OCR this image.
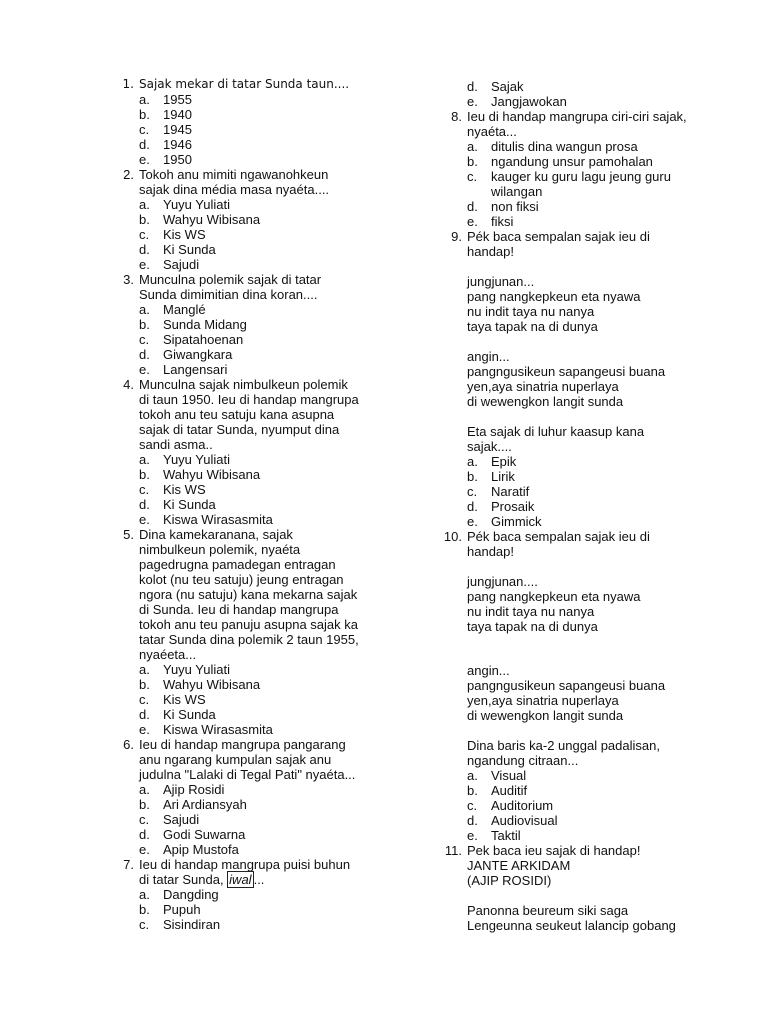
1. Sajak mekar di tatar Sunda taun....
a. 1955
b. 1940
c. 1945
d. 1946
e. 1950
2. Tokoh anu mimiti ngawanohkeun
sajak dina média masa nyaéta....
a. Yuyu Yuliati
b. Wahyu Wibisana
c. Kis WS
d. Ki Sunda
e. Sajudi
3. Munculna polemik sajak di tatar
Sunda dimimitian dina koran....
a. Manglé
b. Sunda Midang
c. Sipatahoenan
d. Giwangkara
e. Langensari
4. Munculna sajak nimbulkeun polemik
di taun 1950. Ieu di handap mangrupa
tokoh anu teu satuju kana asupna
sajak di tatar Sunda, nyumput dina
sandi asma..
a. Yuyu Yuliati
b. Wahyu Wibisana
c. Kis WS
d. Ki Sunda
e. Kiswa Wirasasmita
5. Dina kamekaranana, sajak
nimbulkeun polemik, nyaéta
pagedrugna pamadegan entragan
kolot (nu teu satuju) jeung entragan
ngora (nu satuju) kana mekarna sajak
di Sunda. Ieu di handap mangrupa
tokoh anu teu panuju asupna sajak ka
tatar Sunda dina polemik 2 taun 1955,
nyaéeta...
a. Yuyu Yuliati
b. Wahyu Wibisana
c. Kis WS
d. Ki Sunda
e. Kiswa Wirasasmita
6. Ieu di handap mangrupa pangarang
anu ngarang kumpulan sajak anu
judulna "Lalaki di Tegal Pati" nyaéta...
a. Ajip Rosidi
b. Ari Ardiansyah
c. Sajudi
d. Godi Suwarna
e. Apip Mustofa
7. Ieu di handap mangrupa puisi buhun
di tatar Sunda, iwal ...
a. Dangding
b. Pupuh
c. Sisindiran
d. Sajak
e. Jangjawokan
8. Ieu di handap mangrupa ciri-ciri sajak,
nyaéta...
a. ditulis dina wangun prosa
b. ngandung unsur pamohalan
c. kauger ku guru lagu jeung guru
wilangan
d. non fiksi
e. fiksi
9. Pék baca sempalan sajak ieu di
handap!
jungjunan...
pang nangkepkeun eta nyawa
nu indit taya nu nanya
taya tapak na di dunya
angin...
pangngusikeun sapangeusi buana
yen,aya sinatria nuperlaya
di wewengkon langit sunda
Eta sajak di luhur kaasup kana
sajak....
a. Epik
b. Lirik
c. Naratif
d. Prosaik
e. Gimmick
10. Pék baca sempalan sajak ieu di
handap!
jungjunan....
pang nangkepkeun eta nyawa
nu indit taya nu nanya
taya tapak na di dunya
angin...
pangngusikeun sapangeusi buana
yen,aya sinatria nuperlaya
di wewengkon langit sunda
Dina baris ka-2 unggal padalisan,
ngandung citraan...
a. Visual
b. Auditif
c. Auditorium
d. Audiovisual
e. Taktil
11. Pek baca ieu sajak di handap!
JANTE ARKIDAM
(AJIP ROSIDI)
Panonna beureum siki saga
Lengeunna seukeut lalancip gobang
